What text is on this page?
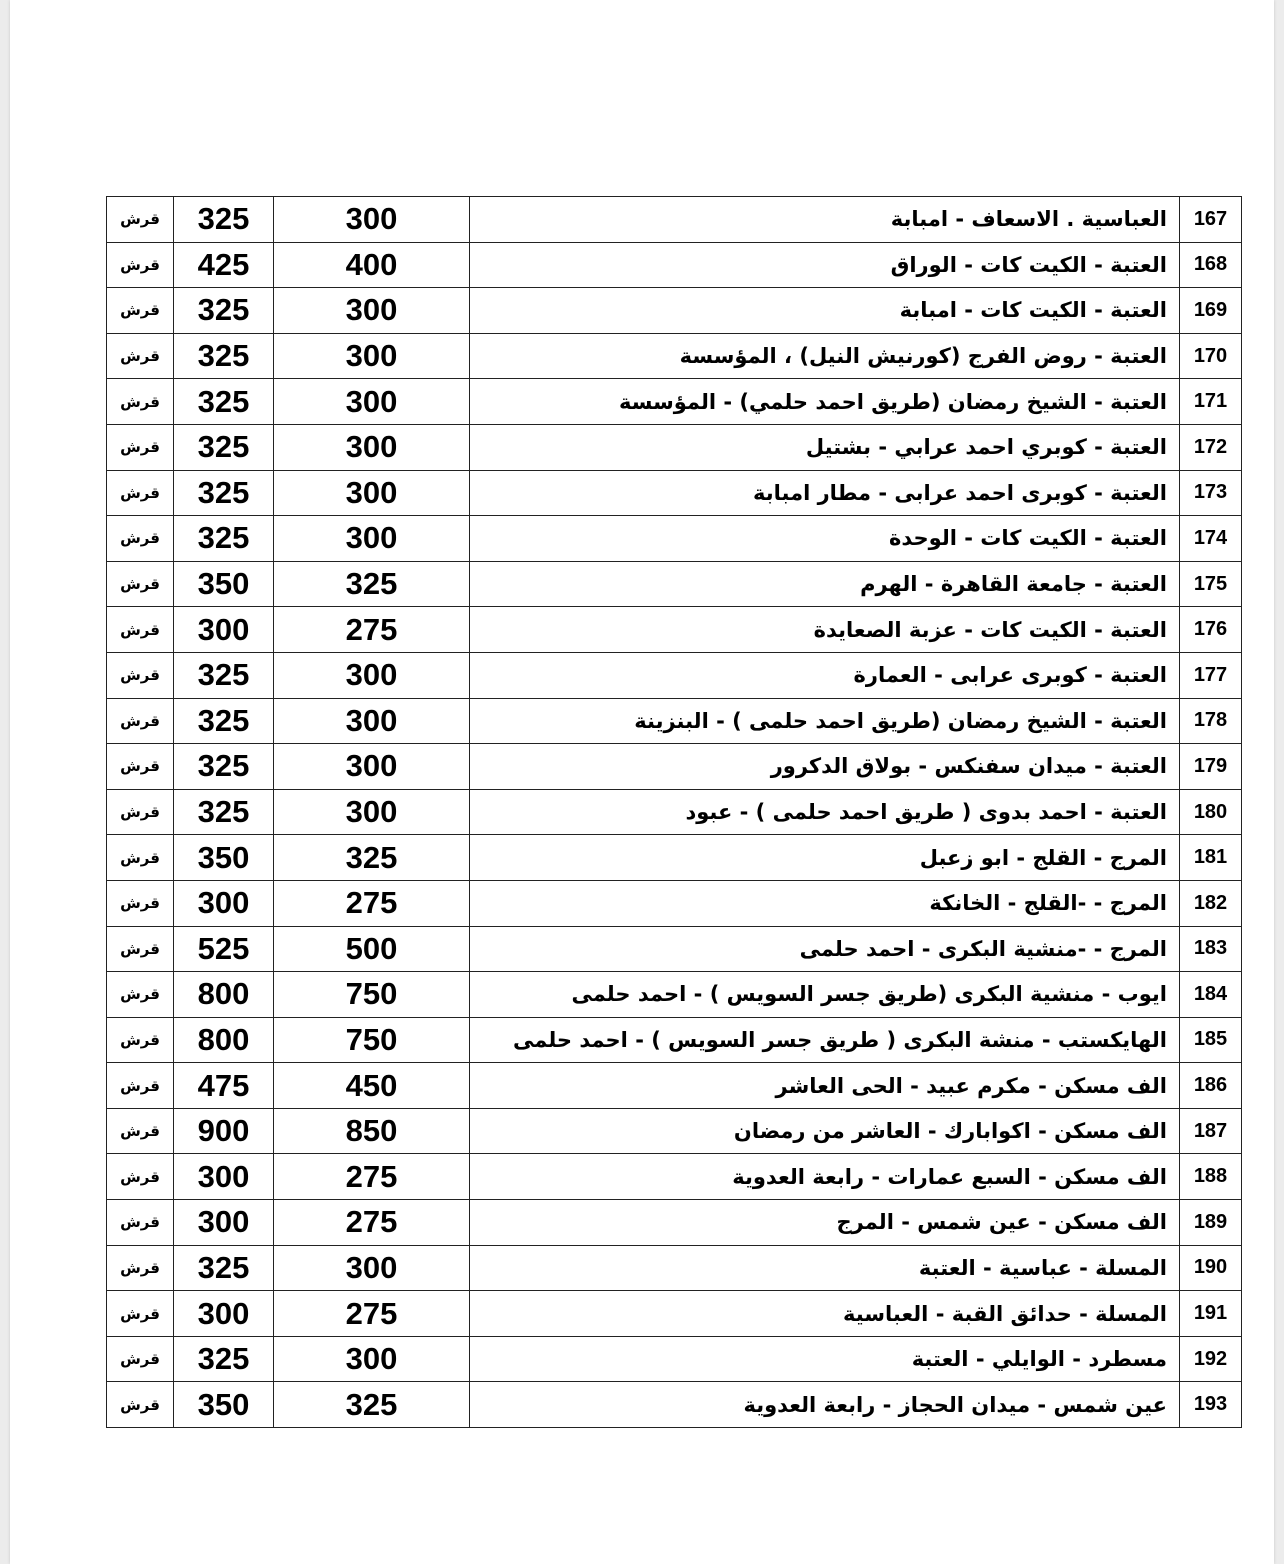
167	العباسية . الاسعاف - امبابة	300	325	قرش
168	العتبة - الكيت كات - الوراق	400	425	قرش
169	العتبة - الكيت كات - امبابة	300	325	قرش
170	العتبة - روض الفرج (كورنيش النيل) ، المؤسسة	300	325	قرش
171	العتبة - الشيخ رمضان (طريق احمد حلمي) - المؤسسة	300	325	قرش
172	العتبة - كوبري احمد عرابي - بشتيل	300	325	قرش
173	العتبة - كوبرى احمد عرابى - مطار امبابة	300	325	قرش
174	العتبة - الكيت كات - الوحدة	300	325	قرش
175	العتبة - جامعة القاهرة - الهرم	325	350	قرش
176	العتبة - الكيت كات - عزبة الصعايدة	275	300	قرش
177	العتبة - كوبرى عرابى - العمارة	300	325	قرش
178	العتبة - الشيخ رمضان (طريق احمد حلمى ) - البنزينة	300	325	قرش
179	العتبة - ميدان سفنكس - بولاق الدكرور	300	325	قرش
180	العتبة - احمد بدوى ( طريق احمد حلمى ) - عبود	300	325	قرش
181	المرج - القلج - ابو زعبل	325	350	قرش
182	المرج - -القلج - الخانكة	275	300	قرش
183	المرج - -منشية البكرى - احمد حلمى	500	525	قرش
184	ايوب - منشية البكرى (طريق جسر السويس ) - احمد حلمى	750	800	قرش
185	الهايكستب - منشة البكرى ( طريق جسر السويس ) - احمد حلمى	750	800	قرش
186	الف مسكن - مكرم عبيد - الحى العاشر	450	475	قرش
187	الف مسكن - اكوابارك - العاشر من رمضان	850	900	قرش
188	الف مسكن - السبع عمارات - رابعة العدوية	275	300	قرش
189	الف مسكن - عين شمس - المرج	275	300	قرش
190	المسلة - عباسية - العتبة	300	325	قرش
191	المسلة - حدائق القبة - العباسية	275	300	قرش
192	مسطرد - الوايلي - العتبة	300	325	قرش
193	عين شمس - ميدان الحجاز - رابعة العدوية	325	350	قرش
